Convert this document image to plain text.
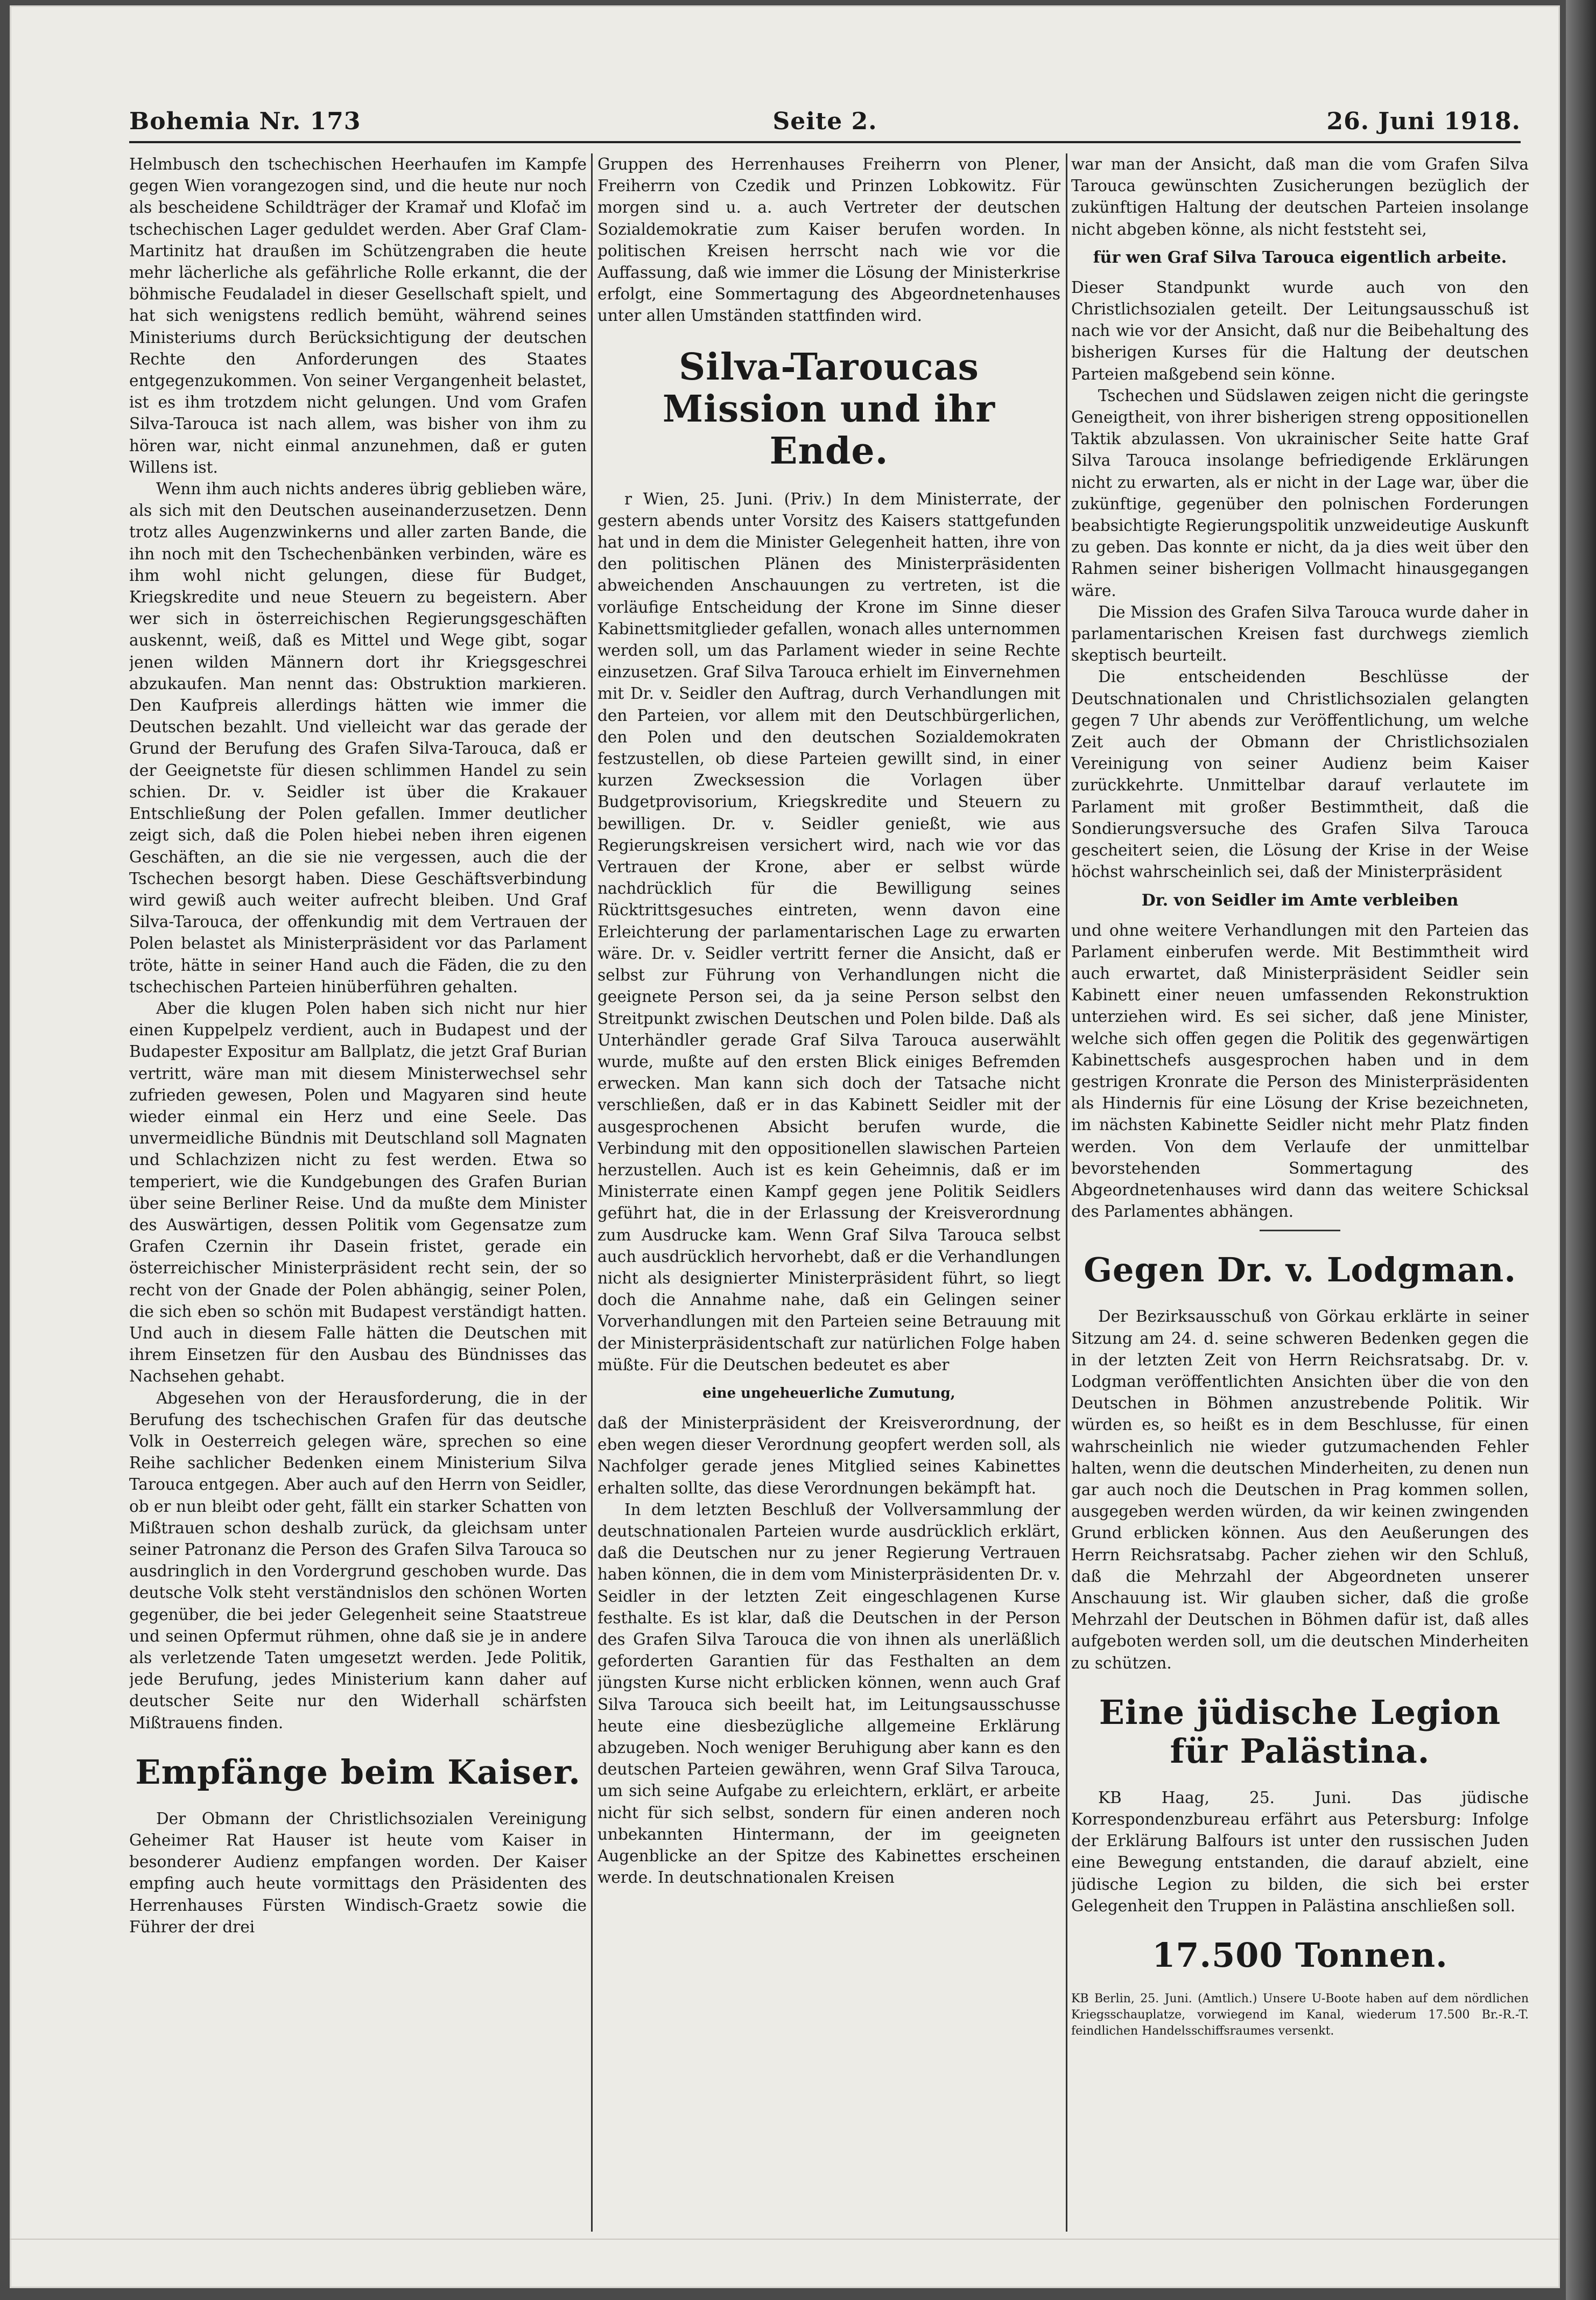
Bohemia Nr. 173	Seite 2.	26. Juni 1918.

Helmbusch den tschechischen Heerhaufen im Kampfe gegen Wien vorangezogen sind, und die heute nur noch als bescheidene Schildträger der Kramař und Klofač im tschechischen Lager geduldet werden. Aber Graf Clam-Martinitz hat draußen im Schützengraben die heute mehr lächerliche als gefährliche Rolle erkannt, die der böhmische Feudaladel in dieser Gesellschaft spielt, und hat sich wenigstens redlich bemüht, während seines Ministeriums durch Berücksichtigung der deutschen Rechte den Anforderungen des Staates entgegenzukommen. Von seiner Vergangenheit belastet, ist es ihm trotzdem nicht gelungen. Und vom Grafen Silva-Tarouca ist nach allem, was bisher von ihm zu hören war, nicht einmal anzunehmen, daß er guten Willens ist.

Wenn ihm auch nichts anderes übrig geblieben wäre, als sich mit den Deutschen auseinanderzusetzen. Denn trotz alles Augenzwinkerns und aller zarten Bande, die ihn noch mit den Tschechenbänken verbinden, wäre es ihm wohl nicht gelungen, diese für Budget, Kriegskredite und neue Steuern zu begeistern. Aber wer sich in österreichischen Regierungsgeschäften auskennt, weiß, daß es Mittel und Wege gibt, sogar jenen wilden Männern dort ihr Kriegsgeschrei abzukaufen. Man nennt das: Obstruktion markieren. Den Kaufpreis allerdings hätten wie immer die Deutschen bezahlt. Und vielleicht war das gerade der Grund der Berufung des Grafen Silva-Tarouca, daß er der Geeignetste für diesen schlimmen Handel zu sein schien. Dr. v. Seidler ist über die Krakauer Entschließung der Polen gefallen. Immer deutlicher zeigt sich, daß die Polen hiebei neben ihren eigenen Geschäften, an die sie nie vergessen, auch die der Tschechen besorgt haben. Diese Geschäftsverbindung wird gewiß auch weiter aufrecht bleiben. Und Graf Silva-Tarouca, der offenkundig mit dem Vertrauen der Polen belastet als Ministerpräsident vor das Parlament tröte, hätte in seiner Hand auch die Fäden, die zu den tschechischen Parteien hinüberführen gehalten.

Aber die klugen Polen haben sich nicht nur hier einen Kuppelpelz verdient, auch in Budapest und der Budapester Expositur am Ballplatz, die jetzt Graf Burian vertritt, wäre man mit diesem Ministerwechsel sehr zufrieden gewesen, Polen und Magyaren sind heute wieder einmal ein Herz und eine Seele. Das unvermeidliche Bündnis mit Deutschland soll Magnaten und Schlachzizen nicht zu fest werden. Etwa so temperiert, wie die Kundgebungen des Grafen Burian über seine Berliner Reise. Und da mußte dem Minister des Auswärtigen, dessen Politik vom Gegensatze zum Grafen Czernin ihr Dasein fristet, gerade ein österreichischer Ministerpräsident recht sein, der so recht von der Gnade der Polen abhängig, seiner Polen, die sich eben so schön mit Budapest verständigt hatten. Und auch in diesem Falle hätten die Deutschen mit ihrem Einsetzen für den Ausbau des Bündnisses das Nachsehen gehabt.

Abgesehen von der Herausforderung, die in der Berufung des tschechischen Grafen für das deutsche Volk in Oesterreich gelegen wäre, sprechen so eine Reihe sachlicher Bedenken einem Ministerium Silva Tarouca entgegen. Aber auch auf den Herrn von Seidler, ob er nun bleibt oder geht, fällt ein starker Schatten von Mißtrauen schon deshalb zurück, da gleichsam unter seiner Patronanz die Person des Grafen Silva Tarouca so ausdringlich in den Vordergrund geschoben wurde. Das deutsche Volk steht verständnislos den schönen Worten gegenüber, die bei jeder Gelegenheit seine Staatstreue und seinen Opfermut rühmen, ohne daß sie je in andere als verletzende Taten umgesetzt werden. Jede Politik, jede Berufung, jedes Ministerium kann daher auf deutscher Seite nur den Widerhall schärfsten Mißtrauens finden.

Empfänge beim Kaiser.

Der Obmann der Christlichsozialen Vereinigung Geheimer Rat Hauser ist heute vom Kaiser in besonderer Audienz empfangen worden. Der Kaiser empfing auch heute vormittags den Präsidenten des Herrenhauses Fürsten Windisch-Graetz sowie die Führer der drei

Gruppen des Herrenhauses Freiherrn von Plener, Freiherrn von Czedik und Prinzen Lobkowitz. Für morgen sind u. a. auch Vertreter der deutschen Sozialdemokratie zum Kaiser berufen worden. In politischen Kreisen herrscht nach wie vor die Auffassung, daß wie immer die Lösung der Ministerkrise erfolgt, eine Sommertagung des Abgeordnetenhauses unter allen Umständen stattfinden wird.

Silva-Taroucas Mission und ihr Ende.

r Wien, 25. Juni. (Priv.) In dem Ministerrate, der gestern abends unter Vorsitz des Kaisers stattgefunden hat und in dem die Minister Gelegenheit hatten, ihre von den politischen Plänen des Ministerpräsidenten abweichenden Anschauungen zu vertreten, ist die vorläufige Entscheidung der Krone im Sinne dieser Kabinettsmitglieder gefallen, wonach alles unternommen werden soll, um das Parlament wieder in seine Rechte einzusetzen. Graf Silva Tarouca erhielt im Einvernehmen mit Dr. v. Seidler den Auftrag, durch Verhandlungen mit den Parteien, vor allem mit den Deutschbürgerlichen, den Polen und den deutschen Sozialdemokraten festzustellen, ob diese Parteien gewillt sind, in einer kurzen Zwecksession die Vorlagen über Budgetprovisorium, Kriegskredite und Steuern zu bewilligen. Dr. v. Seidler genießt, wie aus Regierungskreisen versichert wird, nach wie vor das Vertrauen der Krone, aber er selbst würde nachdrücklich für die Bewilligung seines Rücktrittsgesuches eintreten, wenn davon eine Erleichterung der parlamentarischen Lage zu erwarten wäre. Dr. v. Seidler vertritt ferner die Ansicht, daß er selbst zur Führung von Verhandlungen nicht die geeignete Person sei, da ja seine Person selbst den Streitpunkt zwischen Deutschen und Polen bilde. Daß als Unterhändler gerade Graf Silva Tarouca auserwählt wurde, mußte auf den ersten Blick einiges Befremden erwecken. Man kann sich doch der Tatsache nicht verschließen, daß er in das Kabinett Seidler mit der ausgesprochenen Absicht berufen wurde, die Verbindung mit den oppositionellen slawischen Parteien herzustellen. Auch ist es kein Geheimnis, daß er im Ministerrate einen Kampf gegen jene Politik Seidlers geführt hat, die in der Erlassung der Kreisverordnung zum Ausdrucke kam. Wenn Graf Silva Tarouca selbst auch ausdrücklich hervorhebt, daß er die Verhandlungen nicht als designierter Ministerpräsident führt, so liegt doch die Annahme nahe, daß ein Gelingen seiner Vorverhandlungen mit den Parteien seine Betrauung mit der Ministerpräsidentschaft zur natürlichen Folge haben müßte. Für die Deutschen bedeutet es aber

eine ungeheuerliche Zumutung,

daß der Ministerpräsident der Kreisverordnung, der eben wegen dieser Verordnung geopfert werden soll, als Nachfolger gerade jenes Mitglied seines Kabinettes erhalten sollte, das diese Verordnungen bekämpft hat.

In dem letzten Beschluß der Vollversammlung der deutschnationalen Parteien wurde ausdrücklich erklärt, daß die Deutschen nur zu jener Regierung Vertrauen haben können, die in dem vom Ministerpräsidenten Dr. v. Seidler in der letzten Zeit eingeschlagenen Kurse festhalte. Es ist klar, daß die Deutschen in der Person des Grafen Silva Tarouca die von ihnen als unerläßlich geforderten Garantien für das Festhalten an dem jüngsten Kurse nicht erblicken können, wenn auch Graf Silva Tarouca sich beeilt hat, im Leitungsausschusse heute eine diesbezügliche allgemeine Erklärung abzugeben. Noch weniger Beruhigung aber kann es den deutschen Parteien gewähren, wenn Graf Silva Tarouca, um sich seine Aufgabe zu erleichtern, erklärt, er arbeite nicht für sich selbst, sondern für einen anderen noch unbekannten Hintermann, der im geeigneten Augenblicke an der Spitze des Kabinettes erscheinen werde. In deutschnationalen Kreisen

war man der Ansicht, daß man die vom Grafen Silva Tarouca gewünschten Zusicherungen bezüglich der zukünftigen Haltung der deutschen Parteien insolange nicht abgeben könne, als nicht feststeht sei,

für wen Graf Silva Tarouca eigentlich arbeite.

Dieser Standpunkt wurde auch von den Christlichsozialen geteilt. Der Leitungsausschuß ist nach wie vor der Ansicht, daß nur die Beibehaltung des bisherigen Kurses für die Haltung der deutschen Parteien maßgebend sein könne.

Tschechen und Südslawen zeigen nicht die geringste Geneigtheit, von ihrer bisherigen streng oppositionellen Taktik abzulassen. Von ukrainischer Seite hatte Graf Silva Tarouca insolange befriedigende Erklärungen nicht zu erwarten, als er nicht in der Lage war, über die zukünftige, gegenüber den polnischen Forderungen beabsichtigte Regierungspolitik unzweideutige Auskunft zu geben. Das konnte er nicht, da ja dies weit über den Rahmen seiner bisherigen Vollmacht hinausgegangen wäre.

Die Mission des Grafen Silva Tarouca wurde daher in parlamentarischen Kreisen fast durchwegs ziemlich skeptisch beurteilt.

Die entscheidenden Beschlüsse der Deutschnationalen und Christlichsozialen gelangten gegen 7 Uhr abends zur Veröffentlichung, um welche Zeit auch der Obmann der Christlichsozialen Vereinigung von seiner Audienz beim Kaiser zurückkehrte. Unmittelbar darauf verlautete im Parlament mit großer Bestimmtheit, daß die Sondierungsversuche des Grafen Silva Tarouca gescheitert seien, die Lösung der Krise in der Weise höchst wahrscheinlich sei, daß der Ministerpräsident

Dr. von Seidler im Amte verbleiben

und ohne weitere Verhandlungen mit den Parteien das Parlament einberufen werde. Mit Bestimmtheit wird auch erwartet, daß Ministerpräsident Seidler sein Kabinett einer neuen umfassenden Rekonstruktion unterziehen wird. Es sei sicher, daß jene Minister, welche sich offen gegen die Politik des gegenwärtigen Kabinettschefs ausgesprochen haben und in dem gestrigen Kronrate die Person des Ministerpräsidenten als Hindernis für eine Lösung der Krise bezeichneten, im nächsten Kabinette Seidler nicht mehr Platz finden werden. Von dem Verlaufe der unmittelbar bevorstehenden Sommertagung des Abgeordnetenhauses wird dann das weitere Schicksal des Parlamentes abhängen.

Gegen Dr. v. Lodgman.

Der Bezirksausschuß von Görkau erklärte in seiner Sitzung am 24. d. seine schweren Bedenken gegen die in der letzten Zeit von Herrn Reichsratsabg. Dr. v. Lodgman veröffentlichten Ansichten über die von den Deutschen in Böhmen anzustrebende Politik. Wir würden es, so heißt es in dem Beschlusse, für einen wahrscheinlich nie wieder gutzumachenden Fehler halten, wenn die deutschen Minderheiten, zu denen nun gar auch noch die Deutschen in Prag kommen sollen, ausgegeben werden würden, da wir keinen zwingenden Grund erblicken können. Aus den Aeußerungen des Herrn Reichsratsabg. Pacher ziehen wir den Schluß, daß die Mehrzahl der Abgeordneten unserer Anschauung ist. Wir glauben sicher, daß die große Mehrzahl der Deutschen in Böhmen dafür ist, daß alles aufgeboten werden soll, um die deutschen Minderheiten zu schützen.

Eine jüdische Legion für Palästina.

KB Haag, 25. Juni. Das jüdische Korrespondenzbureau erfährt aus Petersburg: Infolge der Erklärung Balfours ist unter den russischen Juden eine Bewegung entstanden, die darauf abzielt, eine jüdische Legion zu bilden, die sich bei erster Gelegenheit den Truppen in Palästina anschließen soll.

17.500 Tonnen.

KB Berlin, 25. Juni. (Amtlich.) Unsere U-Boote haben auf dem nördlichen Kriegsschauplatze, vorwiegend im Kanal, wiederum 17.500 Br.-R.-T. feindlichen Handelsschiffsraumes versenkt.
